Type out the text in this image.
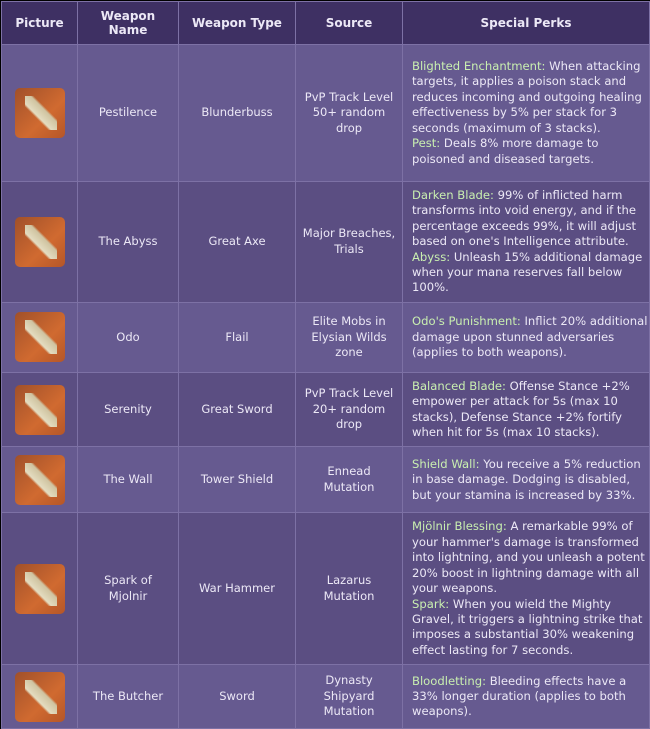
Picture	Weapon Name	Weapon Type	Source	Special Perks

	Pestilence	Blunderbuss	PvP Track Level 50+ random drop	Blighted Enchantment: When attacking targets, it applies a poison stack and reduces incoming and outgoing healing effectiveness by 5% per stack for 3 seconds (maximum of 3 stacks).
Pest: Deals 8% more damage to poisoned and diseased targets.

	The Abyss	Great Axe	Major Breaches, Trials	Darken Blade: 99% of inflicted harm transforms into void energy, and if the percentage exceeds 99%, it will adjust based on one's Intelligence attribute.
Abyss: Unleash 15% additional damage when your mana reserves fall below 100%.

	Odo	Flail	Elite Mobs in Elysian Wilds zone	Odo's Punishment: Inflict 20% additional damage upon stunned adversaries (applies to both weapons).

	Serenity	Great Sword	PvP Track Level 20+ random drop	Balanced Blade: Offense Stance +2% empower per attack for 5s (max 10 stacks), Defense Stance +2% fortify when hit for 5s (max 10 stacks).

	The Wall	Tower Shield	Ennead Mutation	Shield Wall: You receive a 5% reduction in base damage. Dodging is disabled, but your stamina is increased by 33%.

	Spark of Mjolnir	War Hammer	Lazarus Mutation	Mjölnir Blessing: A remarkable 99% of your hammer's damage is transformed into lightning, and you unleash a potent 20% boost in lightning damage with all your weapons.
Spark: When you wield the Mighty Gravel, it triggers a lightning strike that imposes a substantial 30% weakening effect lasting for 7 seconds.

	The Butcher	Sword	Dynasty Shipyard Mutation	Bloodletting: Bleeding effects have a 33% longer duration (applies to both weapons).
